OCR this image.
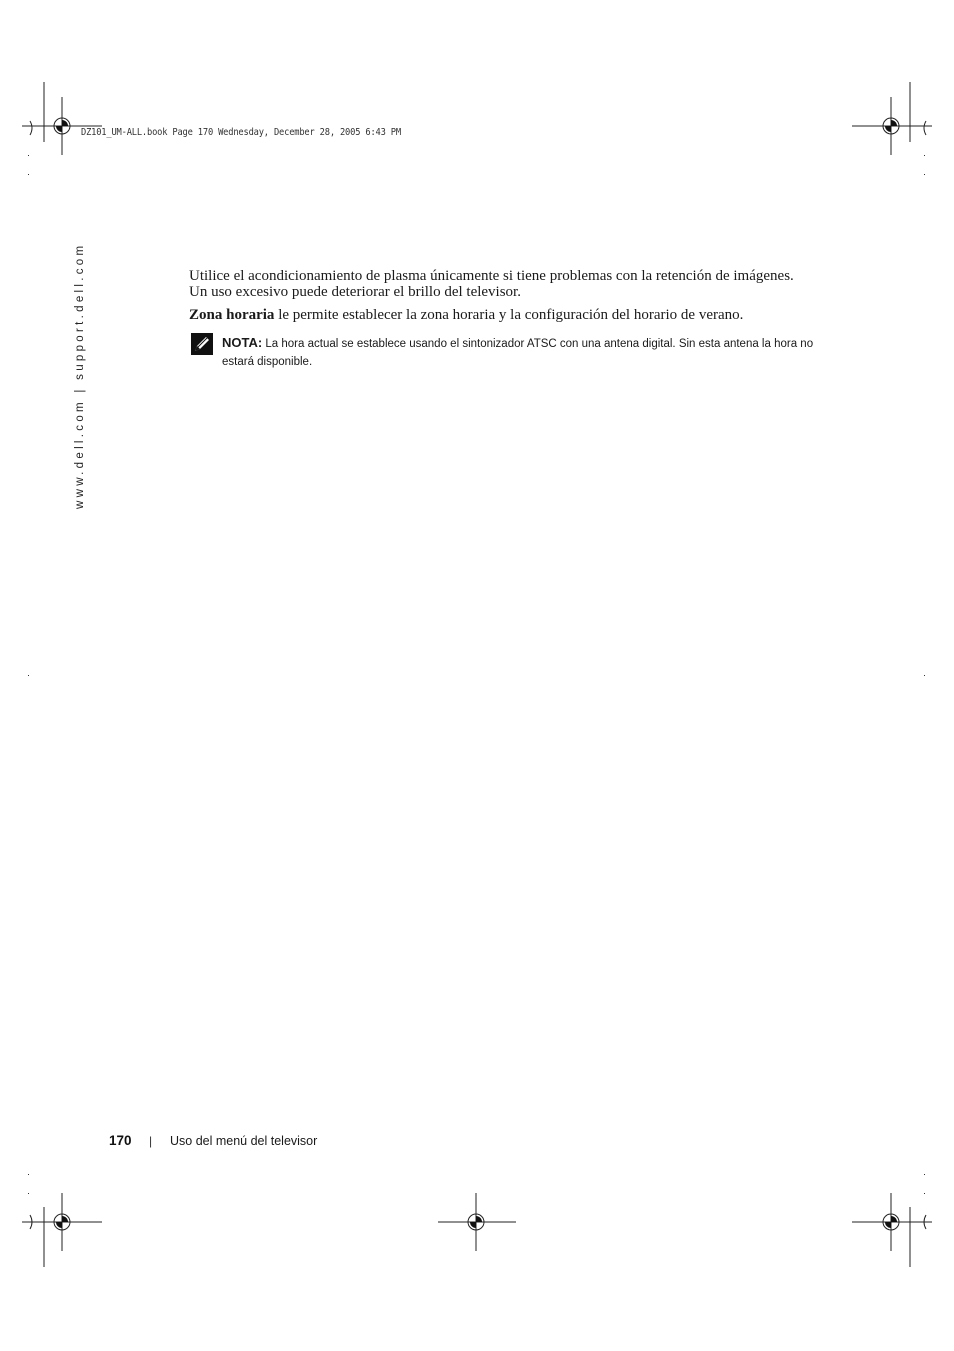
DZ101_UM-ALL.book Page 170 Wednesday, December 28, 2005 6:43 PM
www.dell.com | support.dell.com	Utilice el acondicionamiento de plasma únicamente si tiene problemas con la retención de imágenes. Un uso excesivo puede deteriorar el brillo del televisor.
Zona horaria le permite establecer la zona horaria y la configuración del horario de verano.
NOTA: La hora actual se establece usando el sintonizador ATSC con una antena digital. Sin esta antena la hora no estará disponible.
170 | Uso del menú del televisor
